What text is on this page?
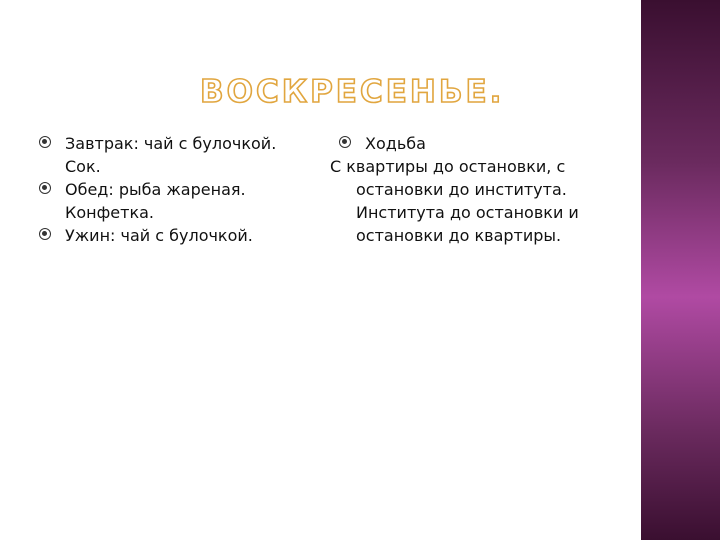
ВОСКРЕСЕНЬЕ.
Завтрак: чай с булочкой.
Сок.
Обед: рыба жареная.
Конфетка.
Ужин: чай с булочкой.
Ходьба
С квартиры до остановки, с
остановки до института.
Института до остановки и
остановки до квартиры.
